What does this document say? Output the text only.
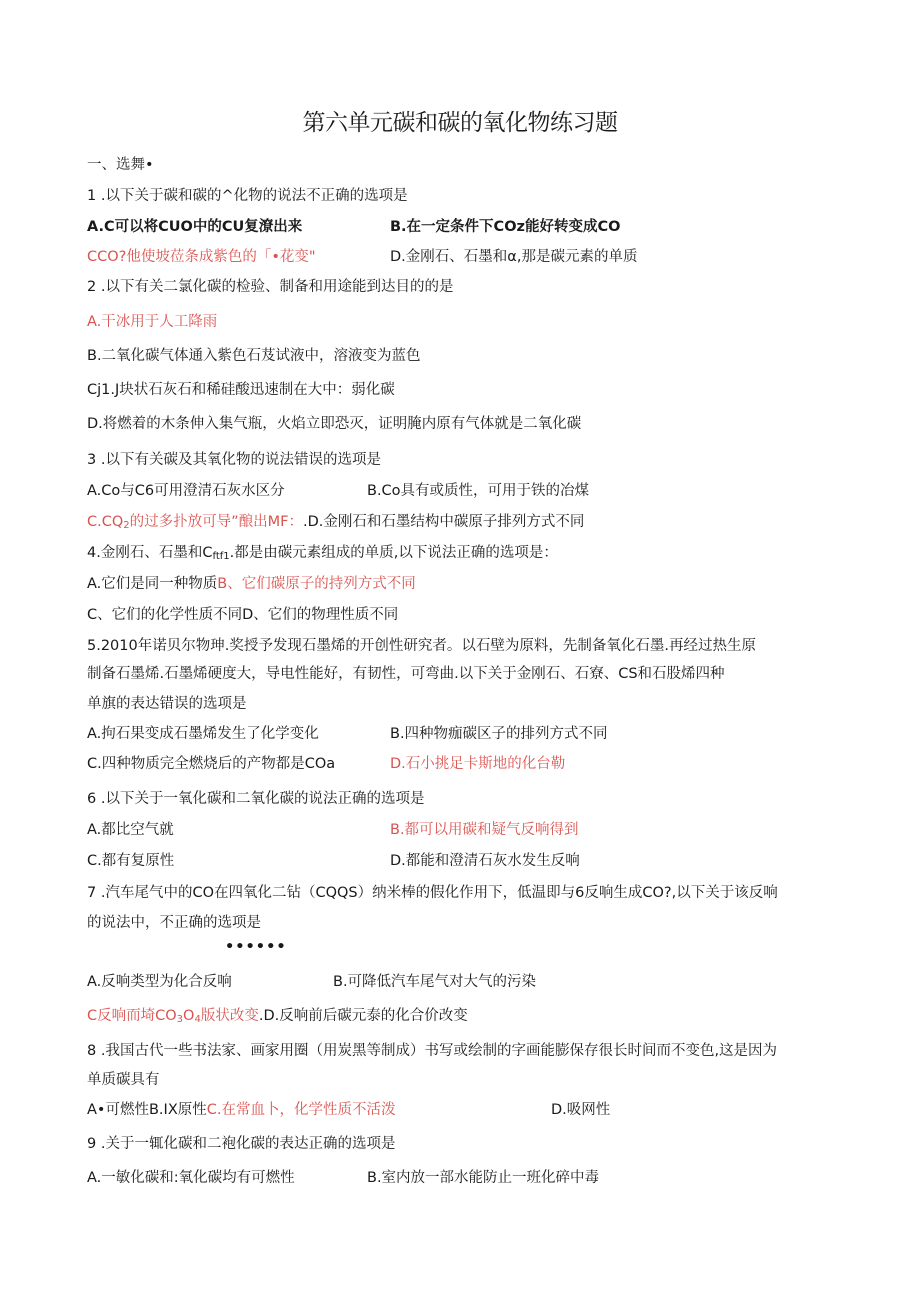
第六单元碳和碳的氧化物练习题
一、选舞•
1 .以下关于碳和碳的^化物的说法不正确的选项是
A.C可以将CUO中的CU复潦出来	B.在一定条件下COz能好转变成CO
CCO?他使坡莅条成紫色的「•花变"	D.金刚石、石墨和α,那是碳元素的单质
2 .以下有关二氯化碳的检验、制备和用途能到达目的的是
A.干冰用于人工降雨
B.二氧化碳气体通入紫色石芨试液中，溶液变为蓝色
Cj1.J块状石灰石和稀硅酸迅速制在大中：弱化碳
D.将燃着的木条伸入集气瓶，火焰立即恐灭，证明腌内原有气体就是二氧化碳
3 .以下有关碳及其氧化物的说法错误的选项是
A.Co与C6可用澄清石灰水区分	B.Co具有或质性，可用于铁的冶煤
$C.CQ_2$的过多扑放可导”酿出MF：.D.金刚石和石墨结构中碳原子排列方式不同
4.金刚石、石墨和$C_{ftf1}$.都是由碳元素组成的单质,以下说法正确的选项是：
A.它们是同一种物质B、它们碳原子的持列方式不同
C、它们的化学性质不同D、它们的物理性质不同
5.2010年诺贝尔物珅.奖授予发现石墨烯的开创性研究者。以石壁为原料，先制备氧化石墨.再经过热生原
制备石墨烯.石墨烯硬度大，导电性能好，有韧性，可弯曲.以下关于金刚石、石寮、CS和石股烯四种
单旗的表达错误的选项是
A.拘石果变成石墨烯发生了化学变化	B.四种物痂碳区子的排列方式不同
C.四种物质完全燃烧后的产物都是COa	D.石小挑足卡斯地的化台勒
6 .以下关于一氧化碳和二氧化碳的说法正确的选项是
A.都比空气就	B.都可以用碳和疑气反响得到
C.都有复原性	D.都能和澄清石灰水发生反响
7 .汽车尾气中的CO在四氧化二钻（CQQS）纳米棒的假化作用下，低温即与6反响生成CO?,以下关于该反响
的说法中，不正确的选项是
••••••
A.反响类型为化合反响	B.可降低汽车尾气对大气的污染
C反响而埼$CO_3O_4$版状改变.D.反响前后碳元泰的化合价改变
8 .我国古代一些书法家、画家用圈（用炭黑等制成）书写或绘制的字画能膨保存很长时间而不变色,这是因为
单质碳具有
A•可燃性B.IX原性C.在常血卜，化学性质不活泼	D.吸网性
9 .关于一辄化碳和二袍化碳的表达正确的选项是
A.一敏化碳和:氧化碳均有可燃性	B.室内放一部水能防止一班化碎中毒
